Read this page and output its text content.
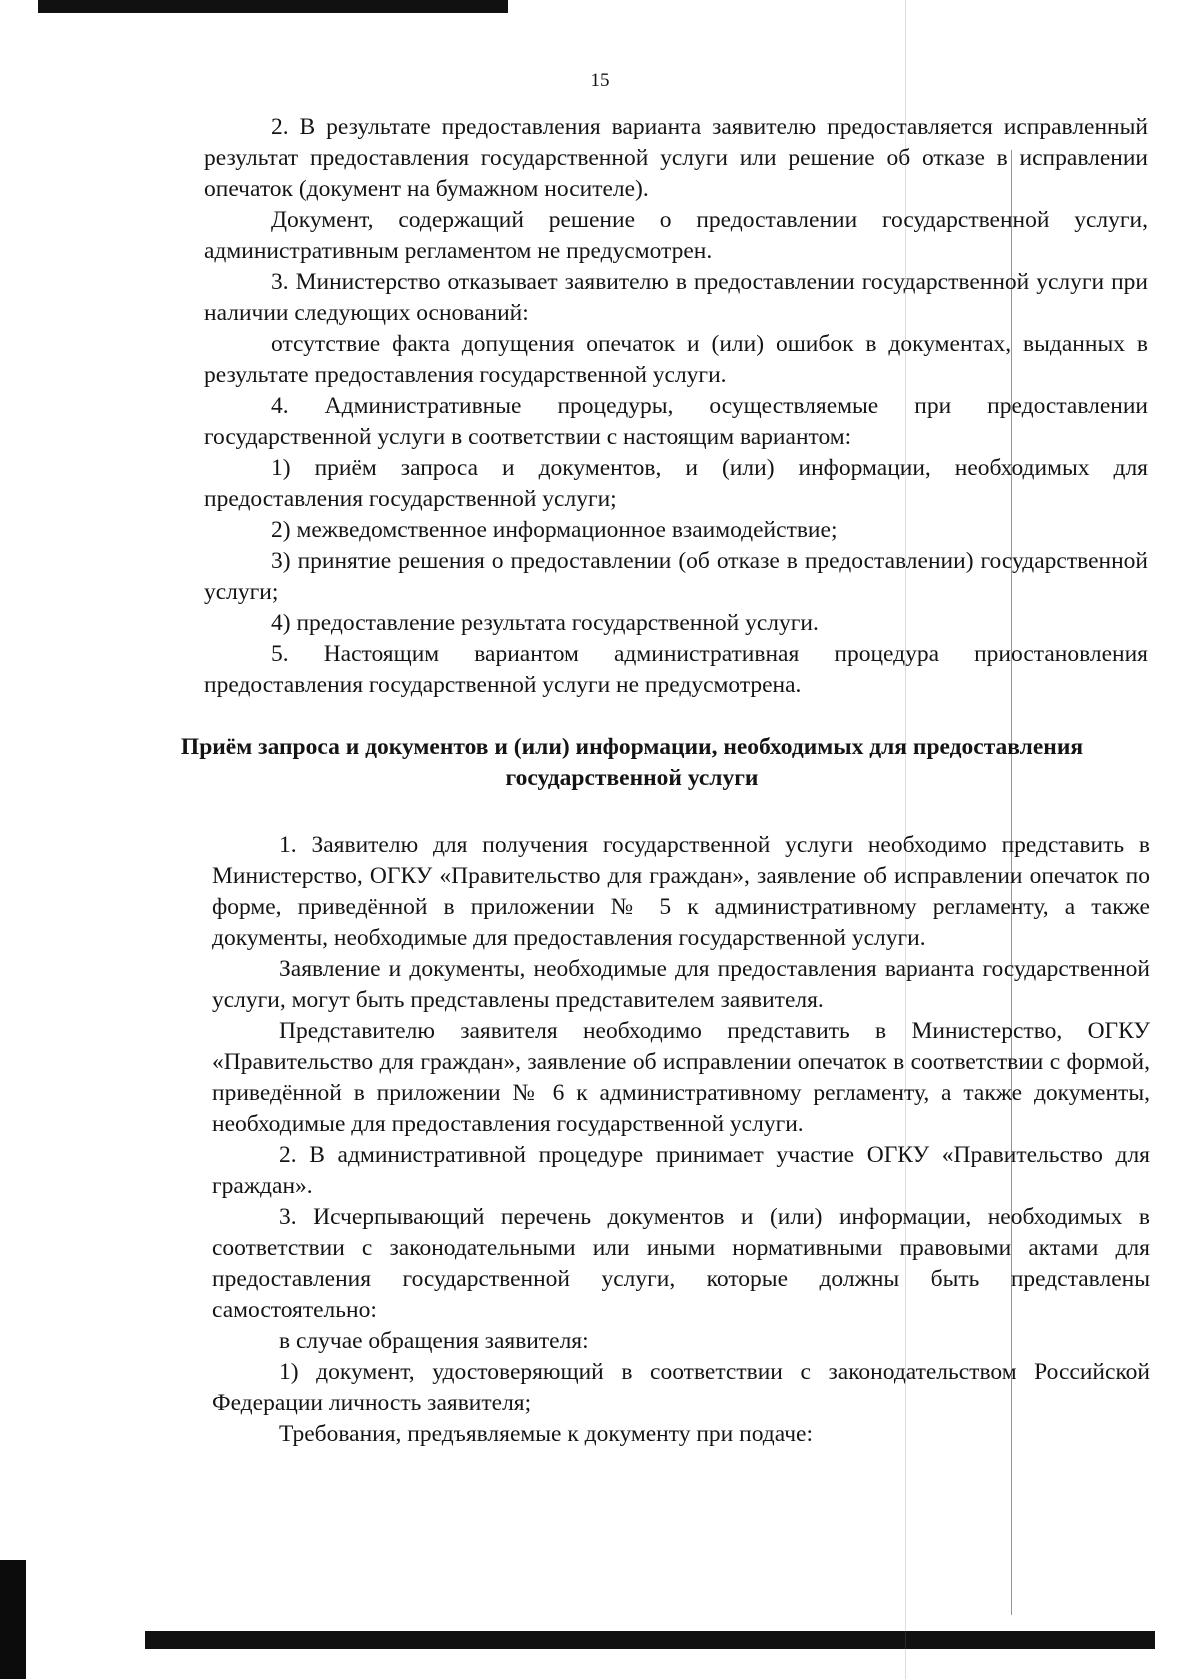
15

2. В результате предоставления варианта заявителю предоставляется исправленный результат предоставления государственной услуги или решение об отказе в исправлении опечаток (документ на бумажном носителе).

Документ, содержащий решение о предоставлении государственной услуги, административным регламентом не предусмотрен.

3. Министерство отказывает заявителю в предоставлении государственной услуги при наличии следующих оснований:

отсутствие факта допущения опечаток и (или) ошибок в документах, выданных в результате предоставления государственной услуги.

4. Административные процедуры, осуществляемые при предоставлении государственной услуги в соответствии с настоящим вариантом:

1) приём запроса и документов, и (или) информации, необходимых для предоставления государственной услуги;

2) межведомственное информационное взаимодействие;

3) принятие решения о предоставлении (об отказе в предоставлении) государственной услуги;

4) предоставление результата государственной услуги.

5. Настоящим вариантом административная процедура приостановления предоставления государственной услуги не предусмотрена.

Приём запроса и документов и (или) информации, необходимых для предоставления государственной услуги

1. Заявителю для получения государственной услуги необходимо представить в Министерство, ОГКУ «Правительство для граждан», заявление об исправлении опечаток по форме, приведённой в приложении № 5 к административному регламенту, а также документы, необходимые для предоставления государственной услуги.

Заявление и документы, необходимые для предоставления варианта государственной услуги, могут быть представлены представителем заявителя.

Представителю заявителя необходимо представить в Министерство, ОГКУ «Правительство для граждан», заявление об исправлении опечаток в соответствии с формой, приведённой в приложении № 6 к административному регламенту, а также документы, необходимые для предоставления государственной услуги.

2. В административной процедуре принимает участие ОГКУ «Правительство для граждан».

3. Исчерпывающий перечень документов и (или) информации, необходимых в соответствии с законодательными или иными нормативными правовыми актами для предоставления государственной услуги, которые должны быть представлены самостоятельно:

в случае обращения заявителя:

1) документ, удостоверяющий в соответствии с законодательством Российской Федерации личность заявителя;

Требования, предъявляемые к документу при подаче:
